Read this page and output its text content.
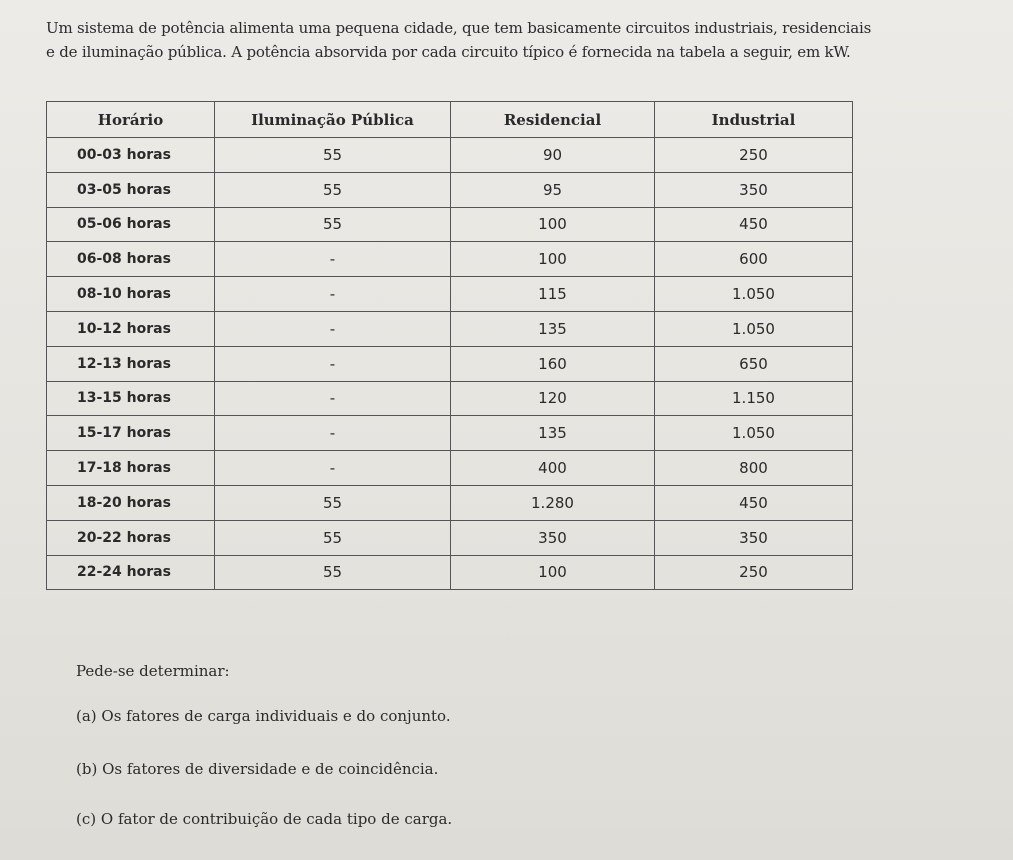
Um sistema de potência alimenta uma pequena cidade, que tem basicamente circuitos industriais, residenciais

e de iluminação pública. A potência absorvida por cada circuito típico é fornecida na tabela a seguir, em kW.

Horário	Iluminação Pública	Residencial	Industrial
00-03 horas	55	90	250
03-05 horas	55	95	350
05-06 horas	55	100	450
06-08 horas	-	100	600
08-10 horas	-	115	1.050
10-12 horas	-	135	1.050
12-13 horas	-	160	650
13-15 horas	-	120	1.150
15-17 horas	-	135	1.050
17-18 horas	-	400	800
18-20 horas	55	1.280	450
20-22 horas	55	350	350
22-24 horas	55	100	250

Pede-se determinar:

(a) Os fatores de carga individuais e do conjunto.

(b) Os fatores de diversidade e de coincidência.

(c) O fator de contribuição de cada tipo de carga.
